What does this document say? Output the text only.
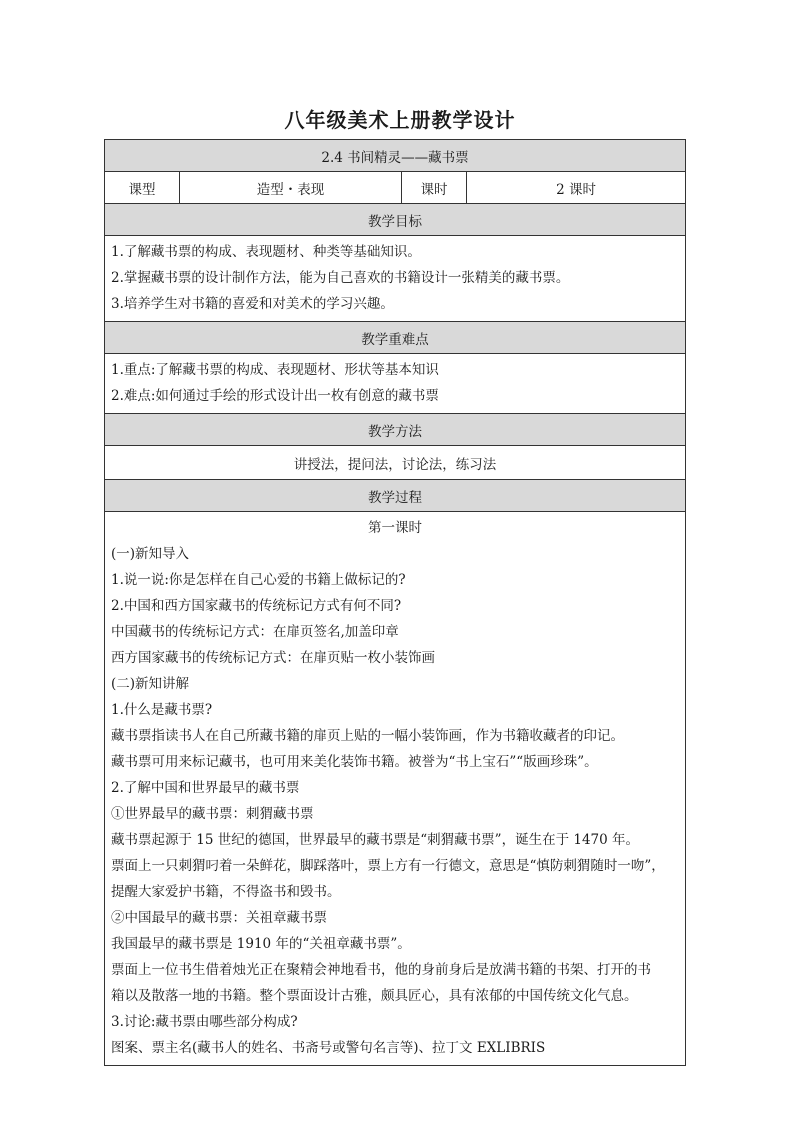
八年级美术上册教学设计
2.4 书间精灵——藏书票
课型	造型・表现	课时	2 课时
教学目标

1.了解藏书票的构成、表现题材、种类等基础知识。
2.掌握藏书票的设计制作方法，能为自己喜欢的书籍设计一张精美的藏书票。
3.培养学生对书籍的喜爱和对美术的学习兴趣。

教学重难点

1.重点:了解藏书票的构成、表现题材、形状等基本知识
2.难点:如何通过手绘的形式设计出一枚有创意的藏书票

教学方法
讲授法，提问法，讨论法，练习法
教学过程

第一课时
(一)新知导入
1.说一说:你是怎样在自己心爱的书籍上做标记的?
2.中国和西方国家藏书的传统标记方式有何不同?
中国藏书的传统标记方式：在扉页签名,加盖印章
西方国家藏书的传统标记方式：在扉页贴一枚小装饰画
(二)新知讲解
1.什么是藏书票?
藏书票指读书人在自己所藏书籍的扉页上贴的一幅小装饰画，作为书籍收藏者的印记。
藏书票可用来标记藏书，也可用来美化装饰书籍。被誉为“书上宝石”“版画珍珠”。
2.了解中国和世界最早的藏书票
①世界最早的藏书票：刺猬藏书票
藏书票起源于 15 世纪的德国，世界最早的藏书票是“刺猬藏书票”，诞生在于 1470 年。
票面上一只刺猬叼着一朵鲜花，脚踩落叶，票上方有一行德文，意思是“慎防刺猬随时一吻”，
提醒大家爱护书籍，不得盗书和毁书。
②中国最早的藏书票：关祖章藏书票
我国最早的藏书票是 1910 年的“关祖章藏书票”。
票面上一位书生借着烛光正在聚精会神地看书，他的身前身后是放满书籍的书架、打开的书
箱以及散落一地的书籍。整个票面设计古雅，颇具匠心，具有浓郁的中国传统文化气息。
3.讨论:藏书票由哪些部分构成?
图案、票主名(藏书人的姓名、书斋号或警句名言等)、拉丁文 EXLIBRIS
